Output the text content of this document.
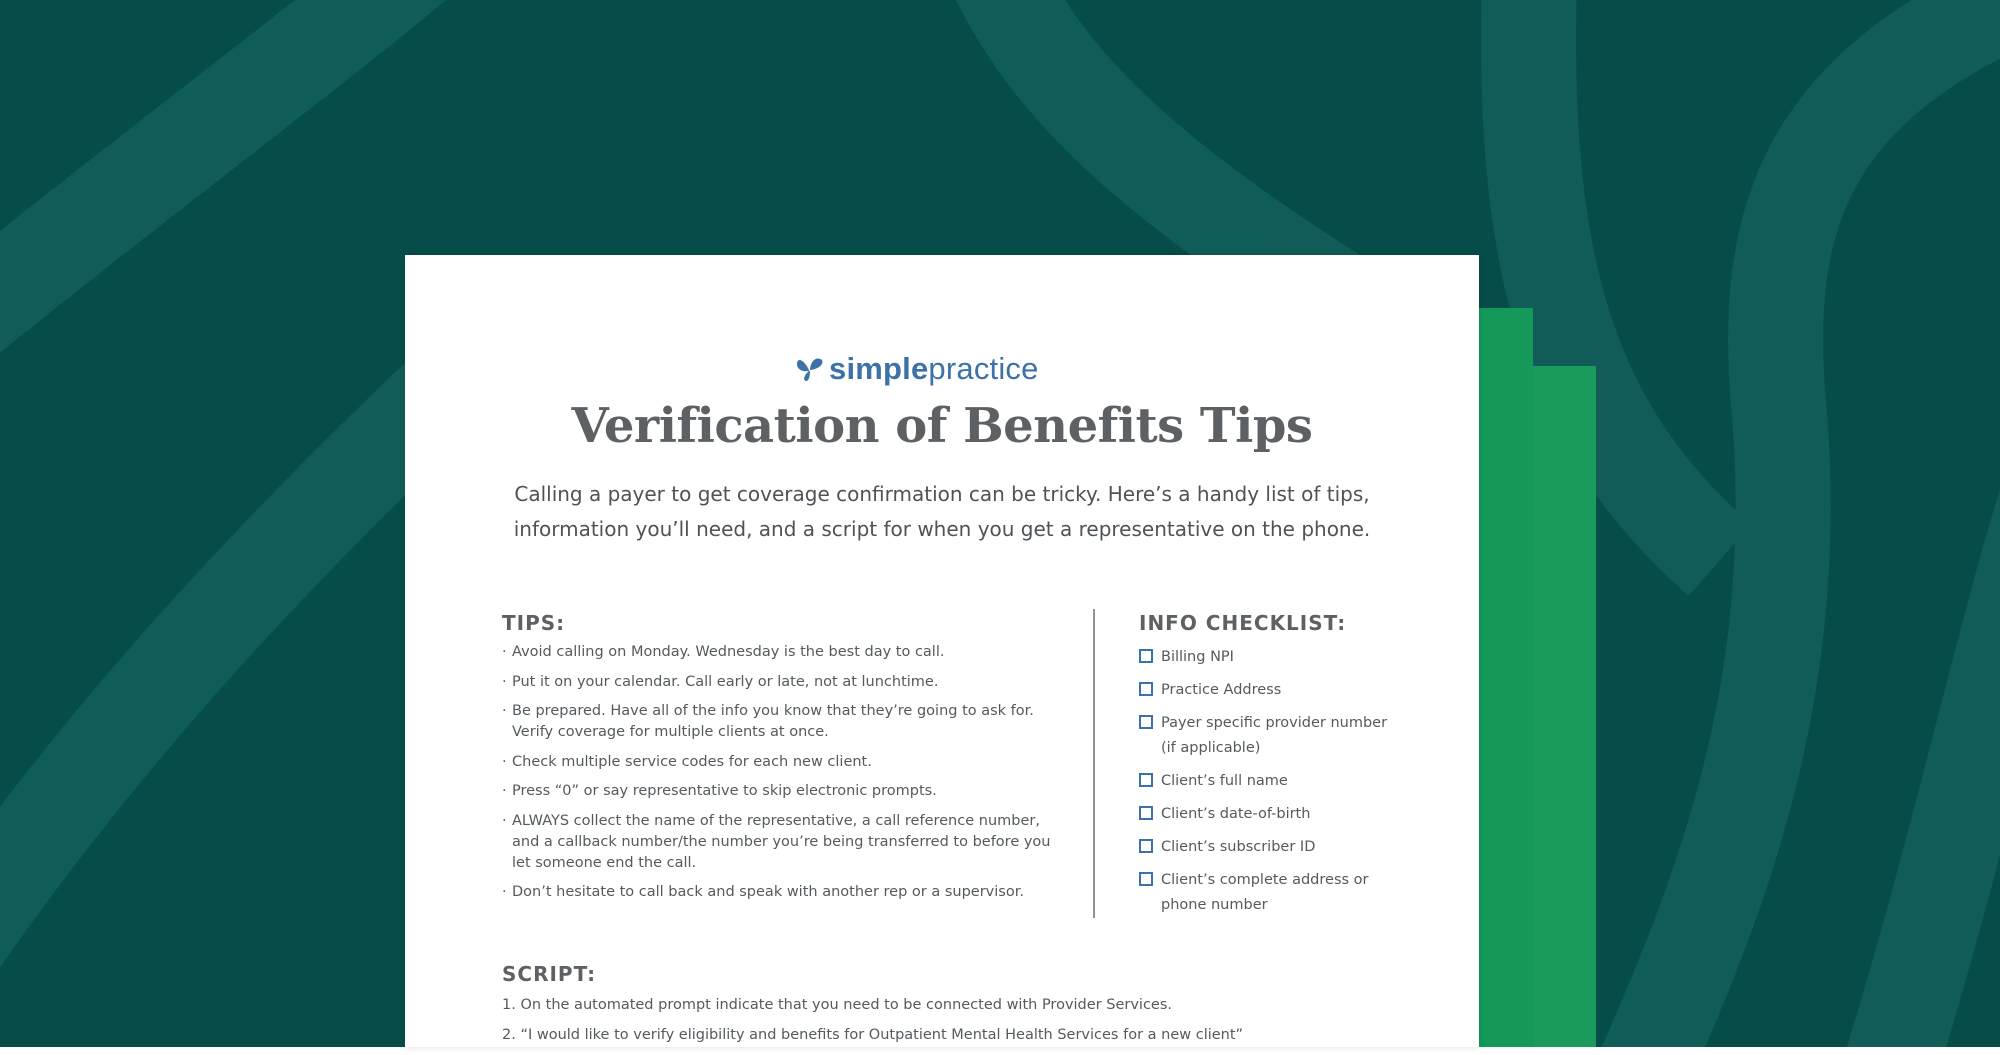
simplepractice
Verification of Benefits Tips
Calling a payer to get coverage confirmation can be tricky. Here’s a handy list of tips,
information you’ll need, and a script for when you get a representative on the phone.
TIPS:
· Avoid calling on Monday. Wednesday is the best day to call.
· Put it on your calendar. Call early or late, not at lunchtime.
· Be prepared. Have all of the info you know that they’re going to ask for. Verify coverage for multiple clients at once.
· Check multiple service codes for each new client.
· Press “0” or say representative to skip electronic prompts.
· ALWAYS collect the name of the representative, a call reference number, and a callback number/the number you’re being transferred to before you let someone end the call.
· Don’t hesitate to call back and speak with another rep or a supervisor.
INFO CHECKLIST:
Billing NPI
Practice Address
Payer specific provider number (if applicable)
Client’s full name
Client’s date-of-birth
Client’s subscriber ID
Client’s complete address or phone number
SCRIPT:
1. On the automated prompt indicate that you need to be connected with Provider Services.
2. “I would like to verify eligibility and benefits for Outpatient Mental Health Services for a new client”
